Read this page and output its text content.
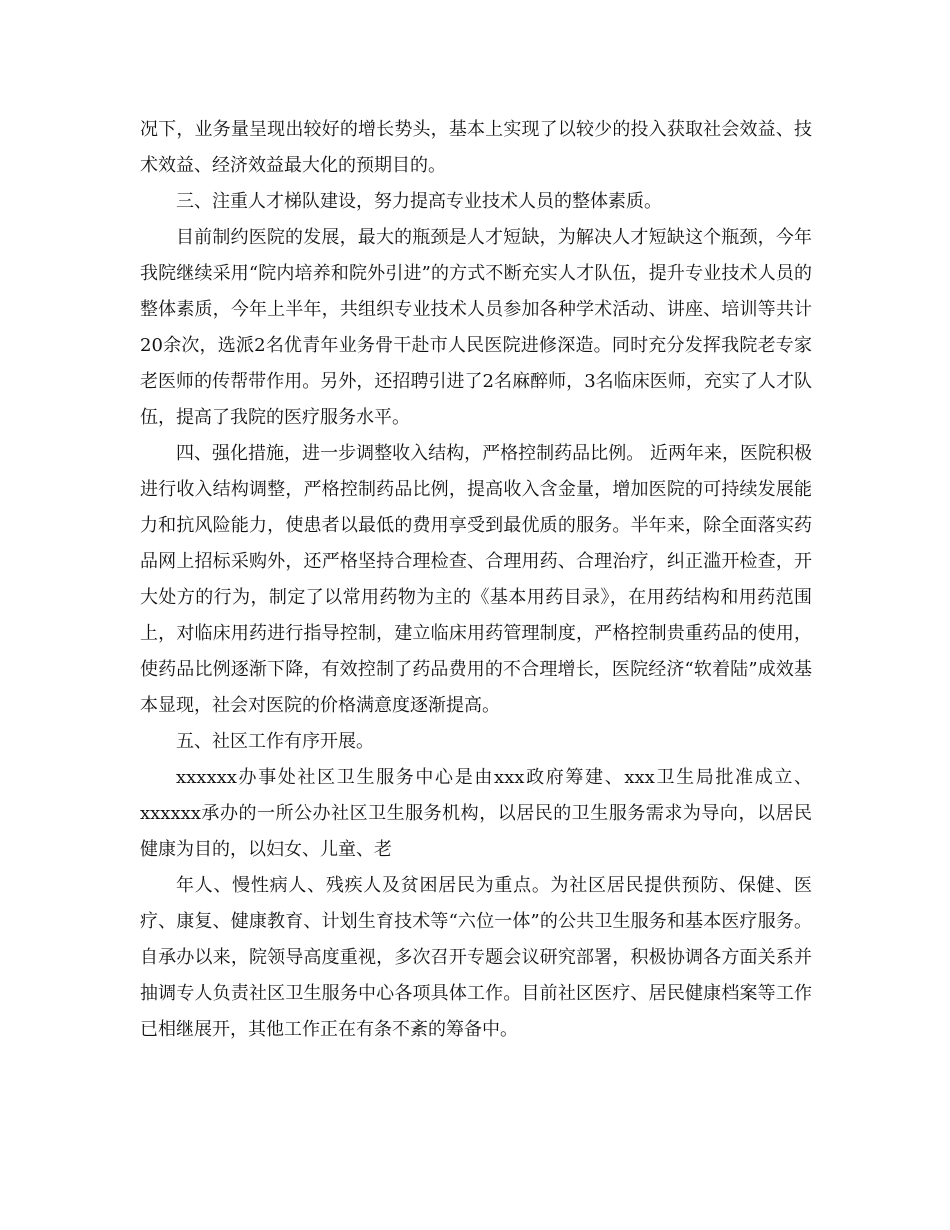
况下，业务量呈现出较好的增长势头，基本上实现了以较少的投入获取社会效益、技术效益、经济效益最大化的预期目的。

三、注重人才梯队建设，努力提高专业技术人员的整体素质。

目前制约医院的发展，最大的瓶颈是人才短缺，为解决人才短缺这个瓶颈，今年我院继续采用“院内培养和院外引进”的方式不断充实人才队伍，提升专业技术人员的整体素质，今年上半年，共组织专业技术人员参加各种学术活动、讲座、培训等共计20余次，选派2名优青年业务骨干赴市人民医院进修深造。同时充分发挥我院老专家老医师的传帮带作用。另外，还招聘引进了2名麻醉师，3名临床医师，充实了人才队伍，提高了我院的医疗服务水平。

四、强化措施，进一步调整收入结构，严格控制药品比例。 近两年来，医院积极进行收入结构调整，严格控制药品比例，提高收入含金量，增加医院的可持续发展能力和抗风险能力，使患者以最低的费用享受到最优质的服务。半年来，除全面落实药品网上招标采购外，还严格坚持合理检查、合理用药、合理治疗，纠正滥开检查，开大处方的行为，制定了以常用药物为主的《基本用药目录》，在用药结构和用药范围上，对临床用药进行指导控制，建立临床用药管理制度，严格控制贵重药品的使用，使药品比例逐渐下降，有效控制了药品费用的不合理增长，医院经济“软着陆”成效基本显现，社会对医院的价格满意度逐渐提高。

五、社区工作有序开展。

xxxxxx办事处社区卫生服务中心是由xxx政府筹建、xxx卫生局批准成立、xxxxxx承办的一所公办社区卫生服务机构，以居民的卫生服务需求为导向，以居民健康为目的，以妇女、儿童、老

年人、慢性病人、残疾人及贫困居民为重点。为社区居民提供预防、保健、医疗、康复、健康教育、计划生育技术等“六位一体”的公共卫生服务和基本医疗服务。自承办以来，院领导高度重视，多次召开专题会议研究部署，积极协调各方面关系并抽调专人负责社区卫生服务中心各项具体工作。目前社区医疗、居民健康档案等工作已相继展开，其他工作正在有条不紊的筹备中。
